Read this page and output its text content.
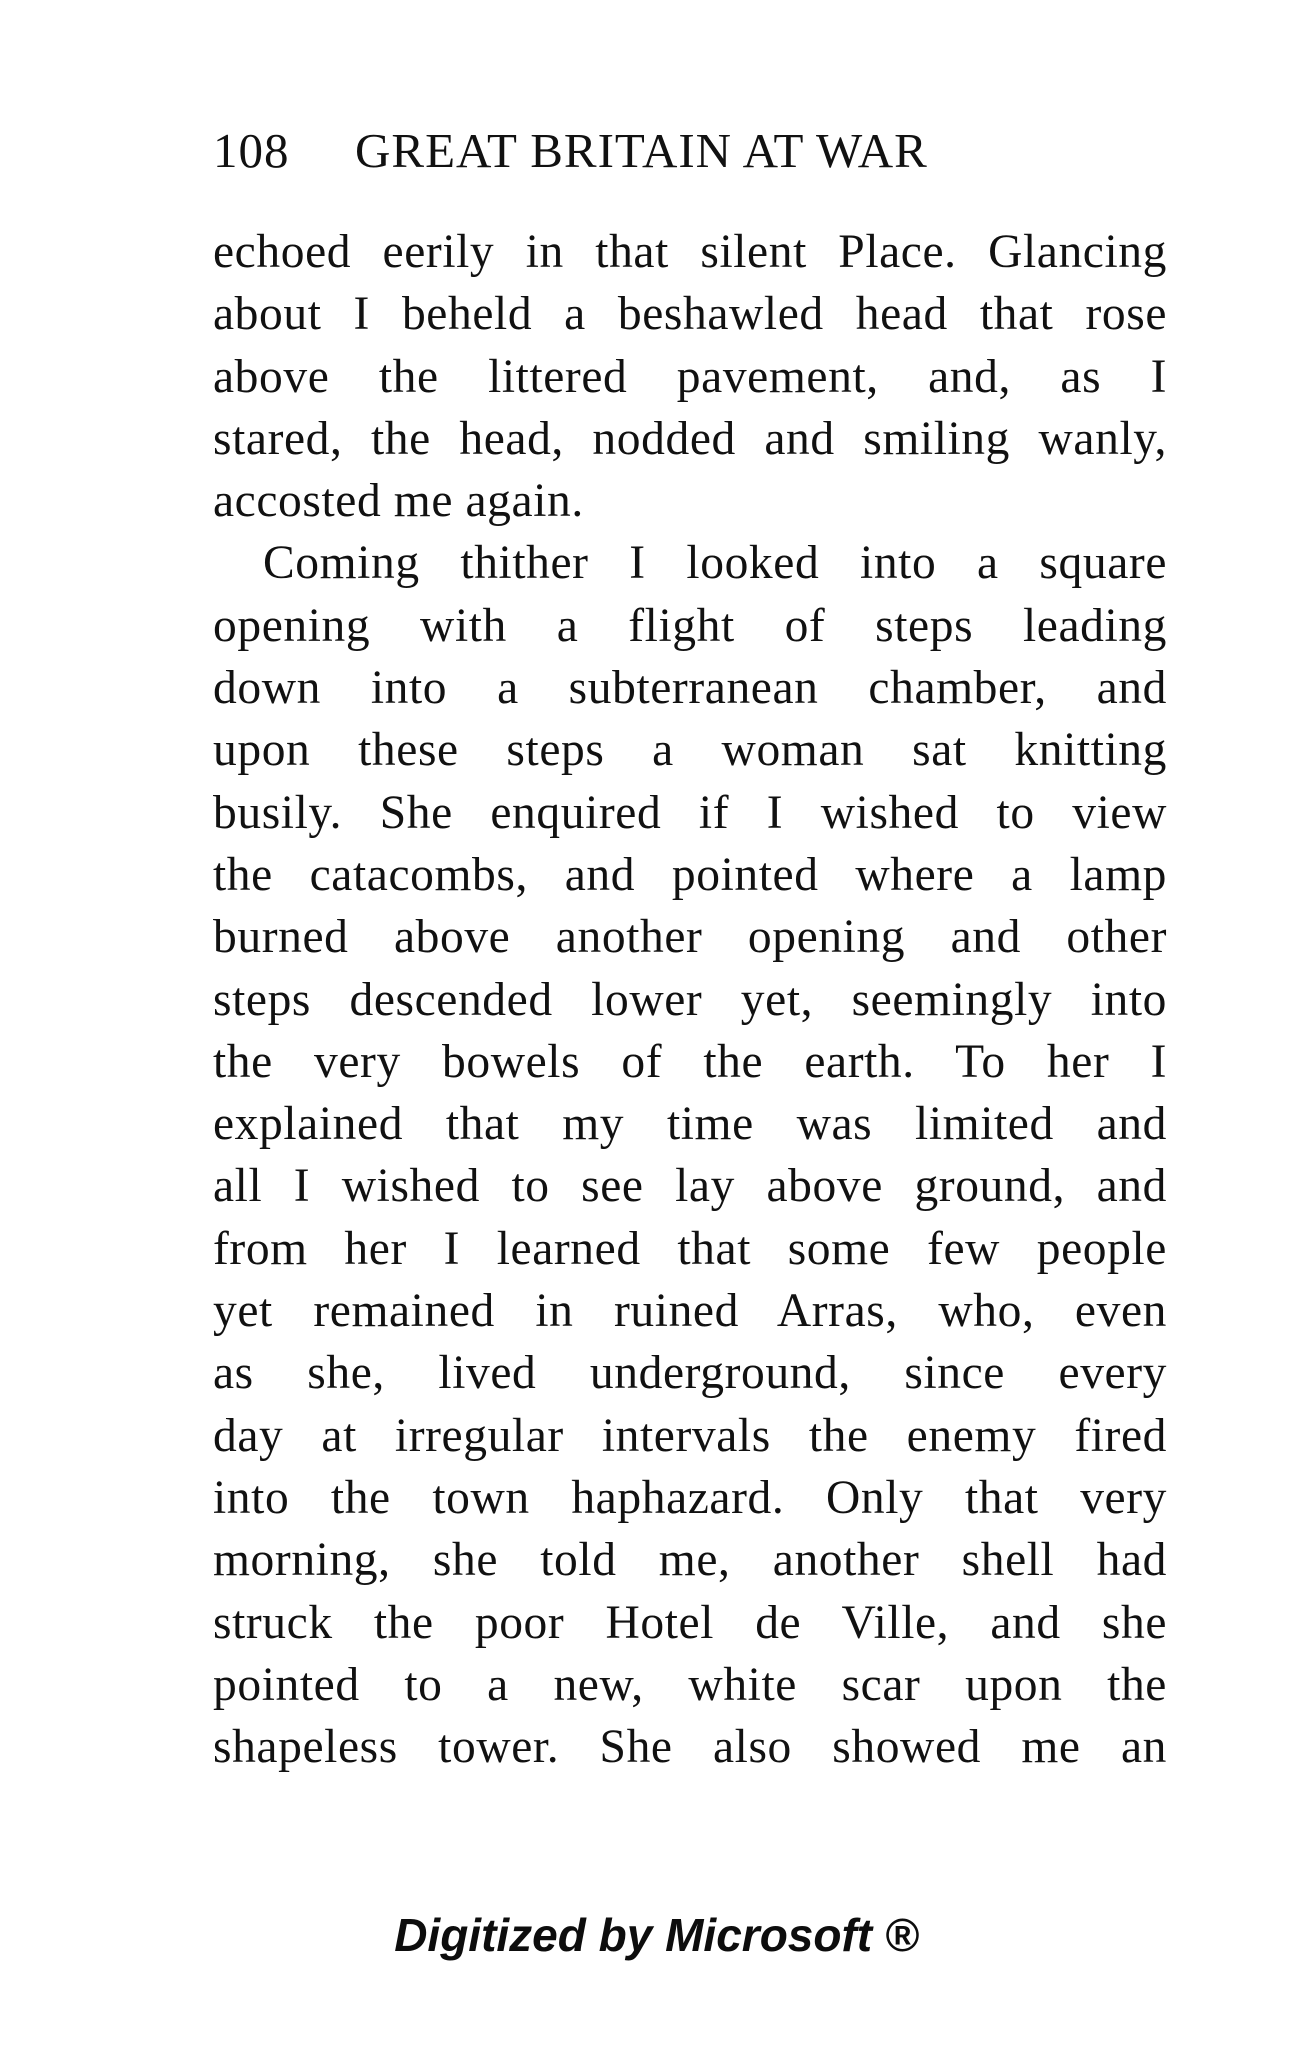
108 GREAT BRITAIN AT WAR
echoed eerily in that silent Place. Glancing
about I beheld a beshawled head that rose
above the littered pavement, and, as I
stared, the head, nodded and smiling wanly,
accosted me again.
Coming thither I looked into a square
opening with a flight of steps leading
down into a subterranean chamber, and
upon these steps a woman sat knitting
busily. She enquired if I wished to view
the catacombs, and pointed where a lamp
burned above another opening and other
steps descended lower yet, seemingly into
the very bowels of the earth. To her I
explained that my time was limited and
all I wished to see lay above ground, and
from her I learned that some few people
yet remained in ruined Arras, who, even
as she, lived underground, since every
day at irregular intervals the enemy fired
into the town haphazard. Only that very
morning, she told me, another shell had
struck the poor Hotel de Ville, and she
pointed to a new, white scar upon the
shapeless tower. She also showed me an
Digitized by Microsoft ®
